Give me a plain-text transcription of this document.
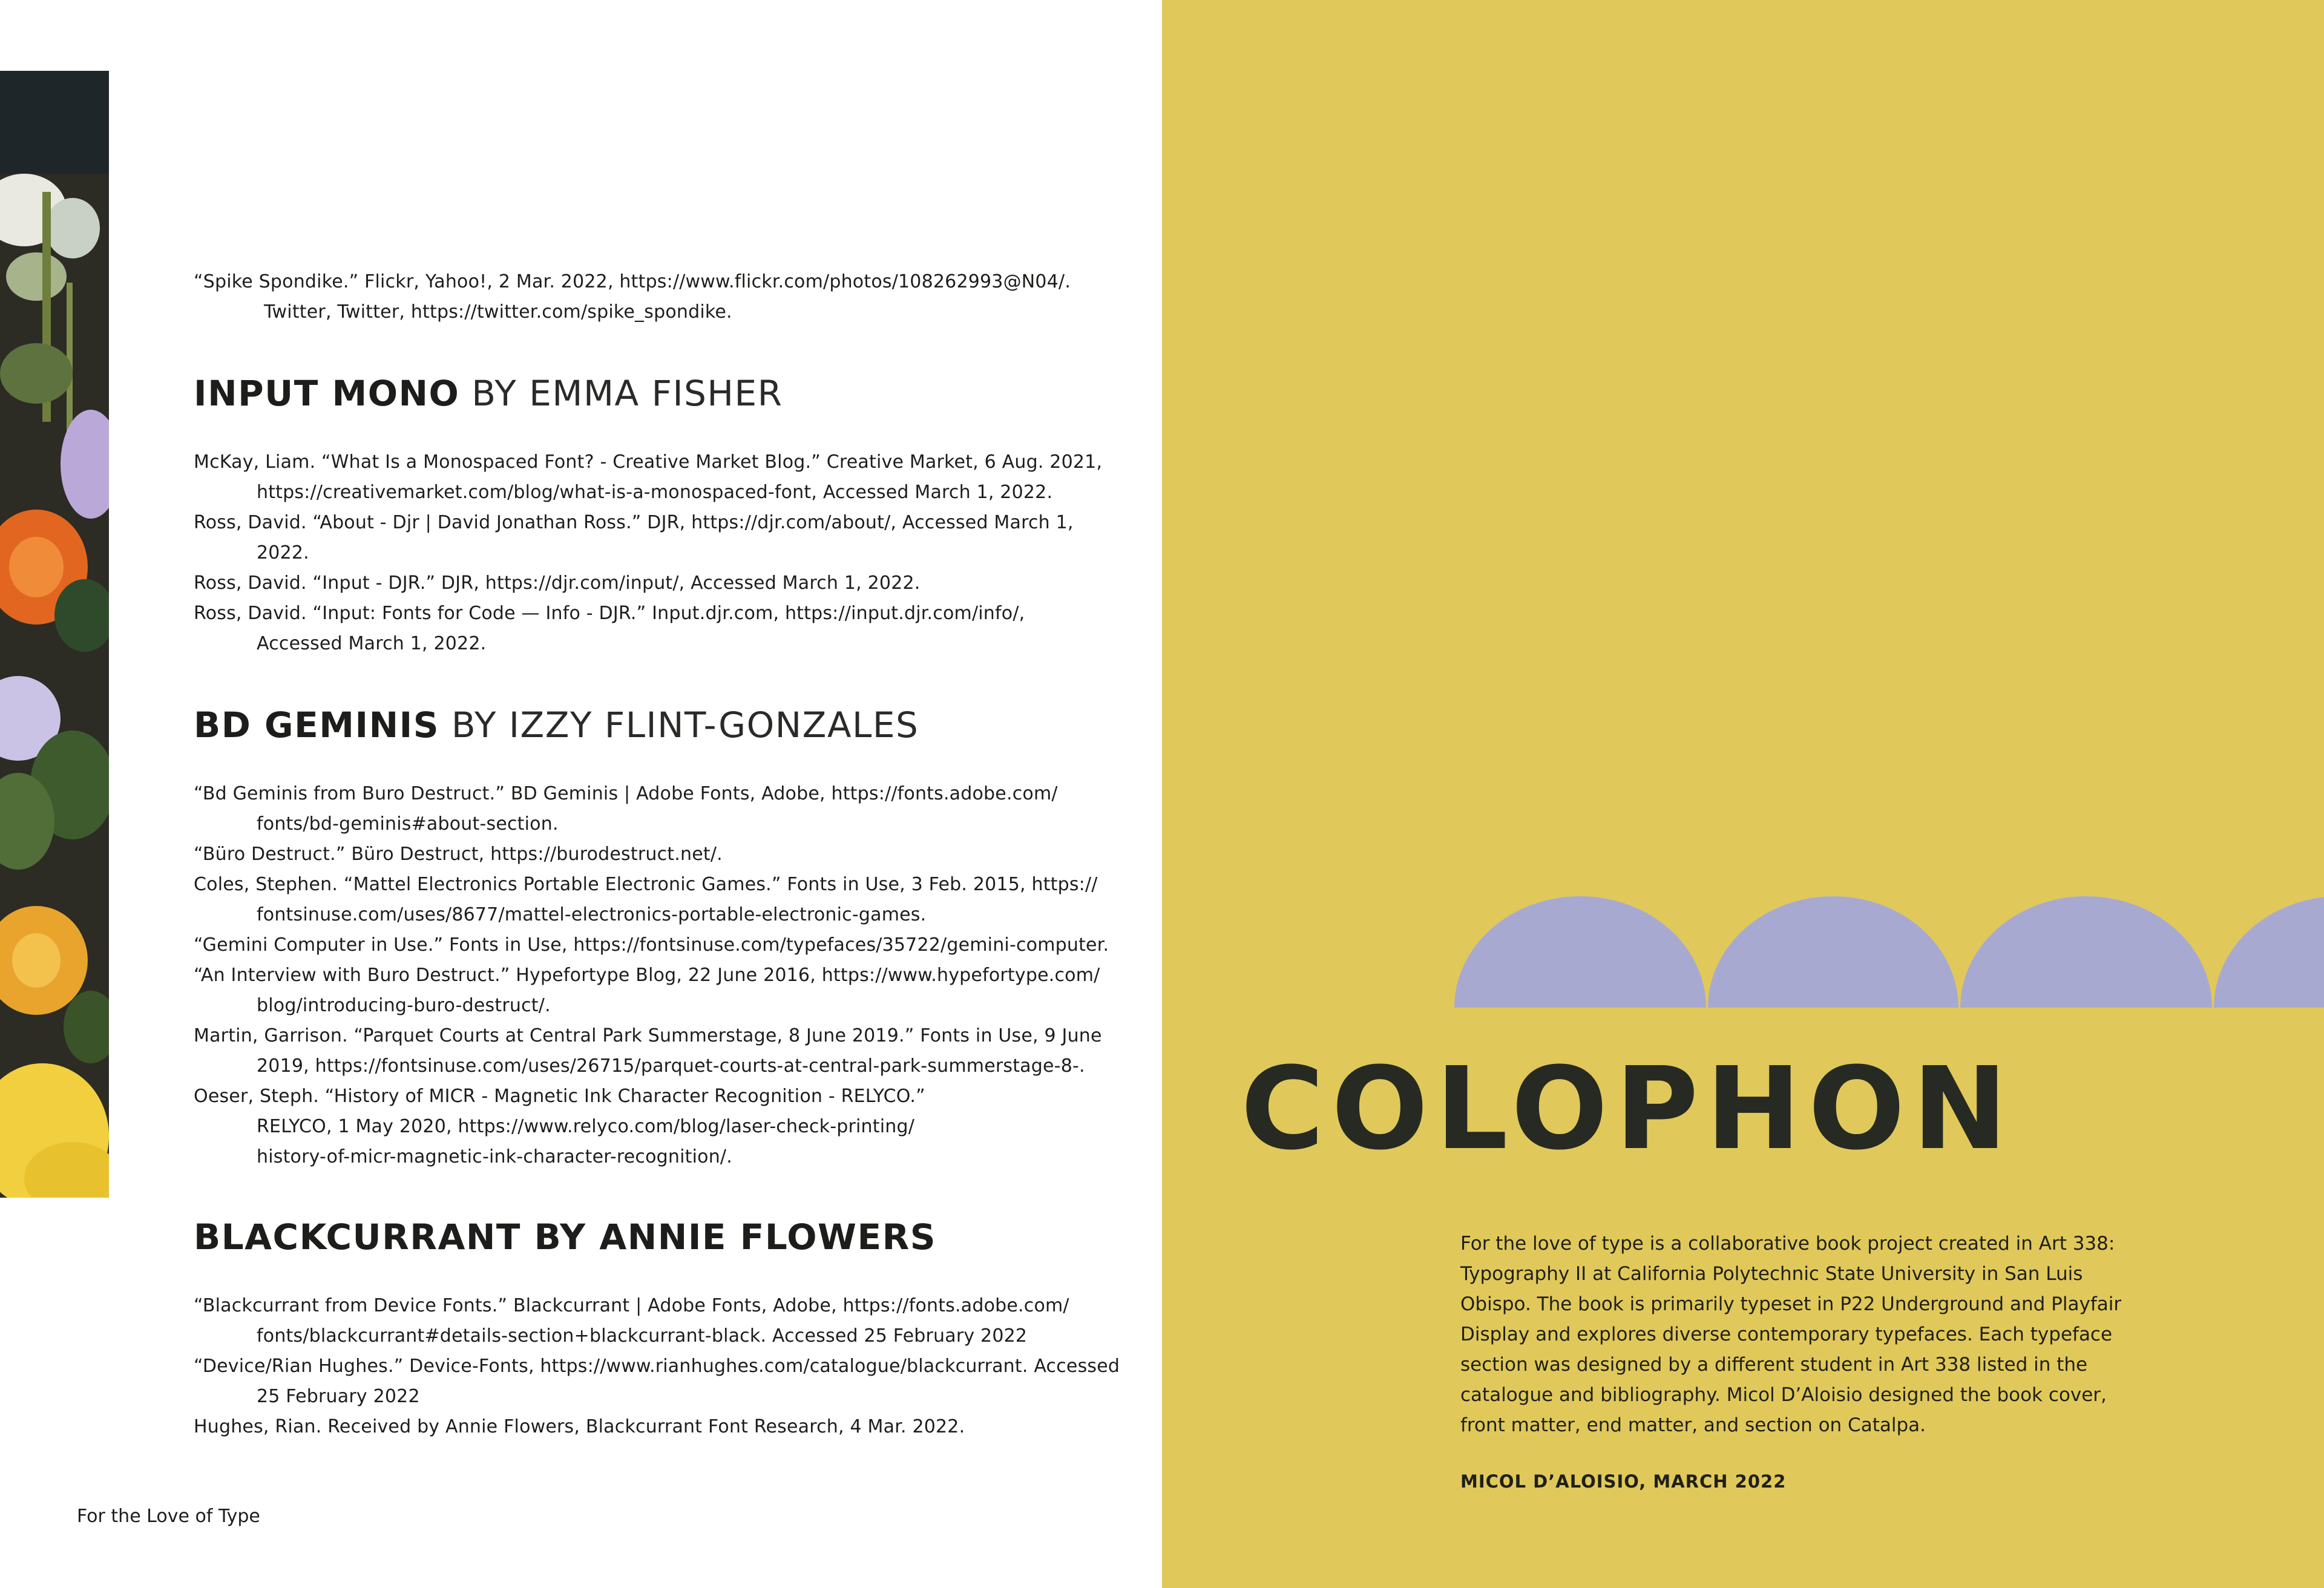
“Spike Spondike.” Flickr, Yahoo!, 2 Mar. 2022, https://www.flickr.com/photos/108262993@N04/.
Twitter, Twitter, https://twitter.com/spike_spondike.
INPUT MONO BY EMMA FISHER
McKay, Liam. “What Is a Monospaced Font? - Creative Market Blog.” Creative Market, 6 Aug. 2021,
https://creativemarket.com/blog/what-is-a-monospaced-font, Accessed March 1, 2022.
Ross, David. “About - Djr | David Jonathan Ross.” DJR, https://djr.com/about/, Accessed March 1,
2022.
Ross, David. “Input - DJR.” DJR, https://djr.com/input/, Accessed March 1, 2022.
Ross, David. “Input: Fonts for Code — Info - DJR.” Input.djr.com, https://input.djr.com/info/,
Accessed March 1, 2022.
BD GEMINIS BY IZZY FLINT-GONZALES
“Bd Geminis from Buro Destruct.” BD Geminis | Adobe Fonts, Adobe, https://fonts.adobe.com/
fonts/bd-geminis#about-section.
“Büro Destruct.” Büro Destruct, https://burodestruct.net/.
Coles, Stephen. “Mattel Electronics Portable Electronic Games.” Fonts in Use, 3 Feb. 2015, https://
fontsinuse.com/uses/8677/mattel-electronics-portable-electronic-games.
“Gemini Computer in Use.” Fonts in Use, https://fontsinuse.com/typefaces/35722/gemini-computer.
“An Interview with Buro Destruct.” Hypefortype Blog, 22 June 2016, https://www.hypefortype.com/
blog/introducing-buro-destruct/.
Martin, Garrison. “Parquet Courts at Central Park Summerstage, 8 June 2019.” Fonts in Use, 9 June
2019, https://fontsinuse.com/uses/26715/parquet-courts-at-central-park-summerstage-8-.
Oeser, Steph. “History of MICR - Magnetic Ink Character Recognition - RELYCO.”
RELYCO, 1 May 2020, https://www.relyco.com/blog/laser-check-printing/
history-of-micr-magnetic-ink-character-recognition/.
BLACKCURRANT BY ANNIE FLOWERS
“Blackcurrant from Device Fonts.” Blackcurrant | Adobe Fonts, Adobe, https://fonts.adobe.com/
fonts/blackcurrant#details-section+blackcurrant-black. Accessed 25 February 2022
“Device/Rian Hughes.” Device-Fonts, https://www.rianhughes.com/catalogue/blackcurrant. Accessed
25 February 2022
Hughes, Rian. Received by Annie Flowers, Blackcurrant Font Research, 4 Mar. 2022.
For the Love of Type
COLOPHON
For the love of type is a collaborative book project created in Art 338:
Typography II at California Polytechnic State University in San Luis
Obispo. The book is primarily typeset in P22 Underground and Playfair
Display and explores diverse contemporary typefaces. Each typeface
section was designed by a different student in Art 338 listed in the
catalogue and bibliography. Micol D’Aloisio designed the book cover,
front matter, end matter, and section on Catalpa.
MICOL D’ALOISIO, MARCH 2022
